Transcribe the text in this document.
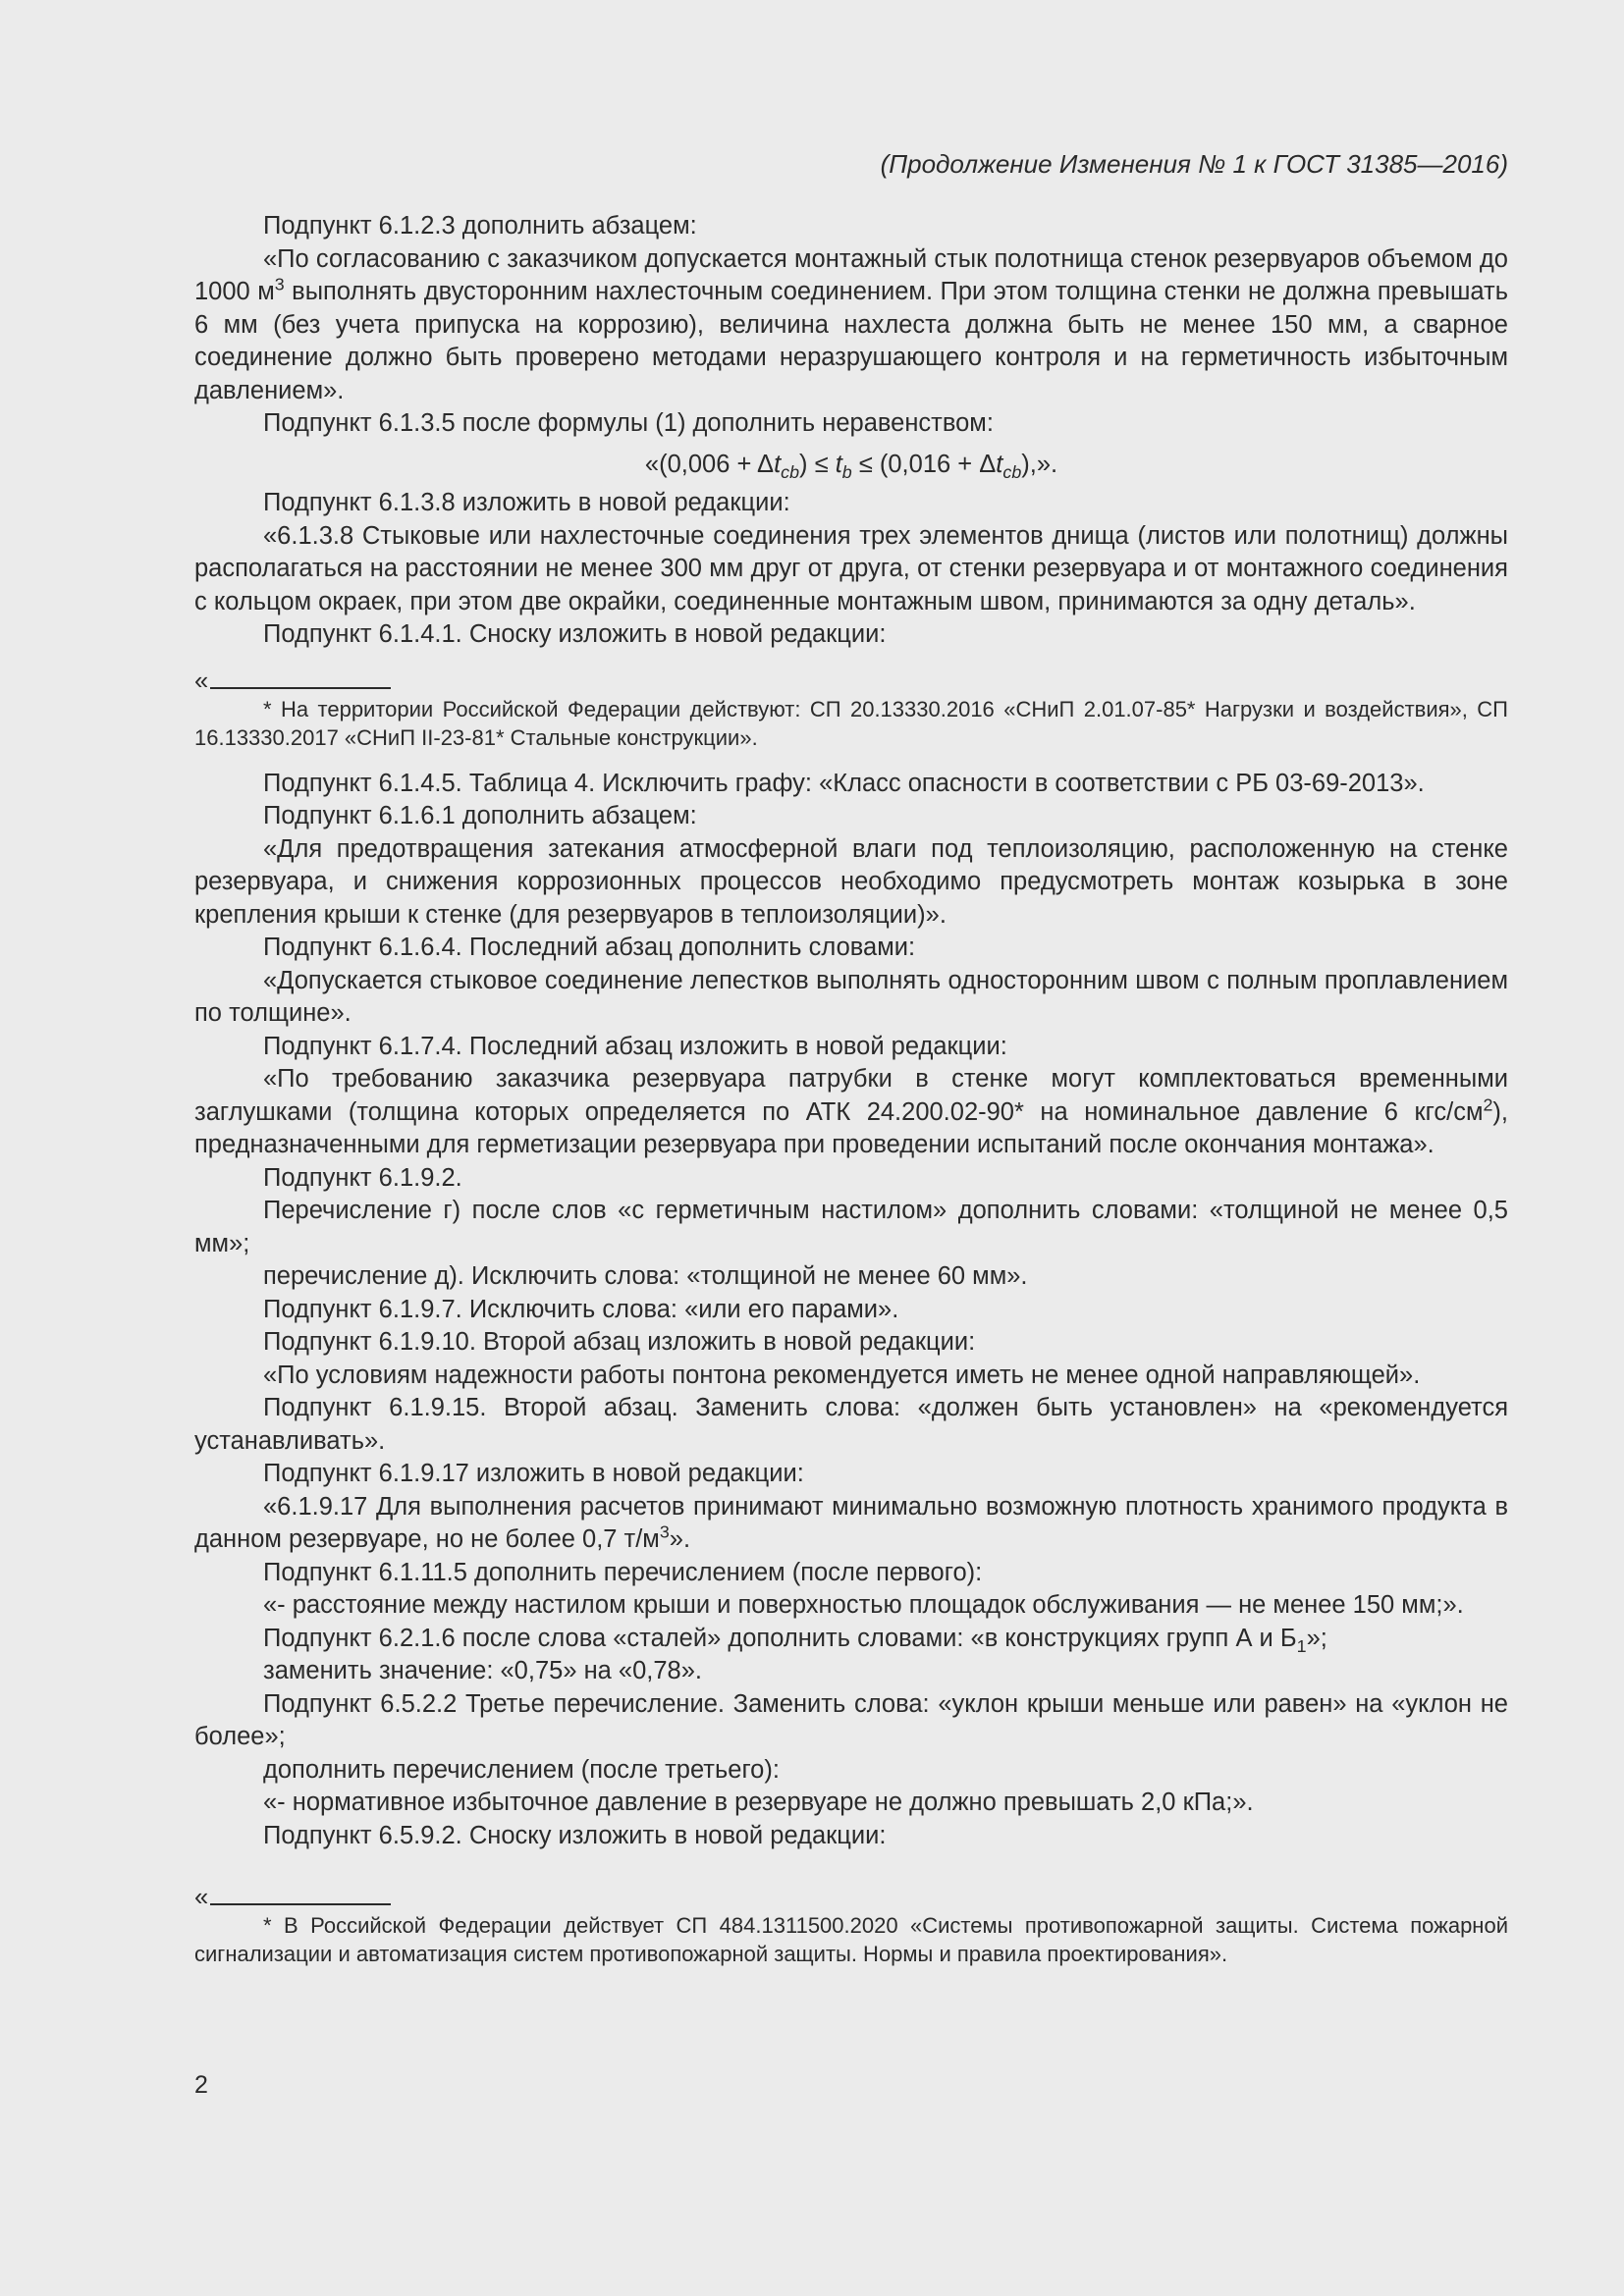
(Продолжение Изменения № 1 к ГОСТ 31385—2016)

Подпункт 6.1.2.3 дополнить абзацем:

«По согласованию с заказчиком допускается монтажный стык полотнища стенок резервуаров объемом до 1000 $м^3$ выполнять двусторонним нахлесточным соединением. При этом толщина стенки не должна превышать 6 мм (без учета припуска на коррозию), величина нахлеста должна быть не менее 150 мм, а сварное соединение должно быть проверено методами неразрушающего контроля и на герметичность избыточным давлением».

Подпункт 6.1.3.5 после формулы (1) дополнить неравенством:

«$(0,006 + \Delta t_{cb}) \le t_b \le (0,016 + \Delta t_{cb})$,».

Подпункт 6.1.3.8 изложить в новой редакции:

«6.1.3.8 Стыковые или нахлесточные соединения трех элементов днища (листов или полотнищ) должны располагаться на расстоянии не менее 300 мм друг от друга, от стенки резервуара и от монтажного соединения с кольцом окраек, при этом две окрайки, соединенные монтажным швом, принимаются за одну деталь».

Подпункт 6.1.4.1. Сноску изложить в новой редакции:

«

* На территории Российской Федерации действуют: СП 20.13330.2016 «СНиП 2.01.07-85* Нагрузки и воздействия», СП 16.13330.2017 «СНиП II-23-81* Стальные конструкции».

Подпункт 6.1.4.5. Таблица 4. Исключить графу: «Класс опасности в соответствии с РБ 03-69-2013».

Подпункт 6.1.6.1 дополнить абзацем:

«Для предотвращения затекания атмосферной влаги под теплоизоляцию, расположенную на стенке резервуара, и снижения коррозионных процессов необходимо предусмотреть монтаж козырька в зоне крепления крыши к стенке (для резервуаров в теплоизоляции)».

Подпункт 6.1.6.4. Последний абзац дополнить словами:

«Допускается стыковое соединение лепестков выполнять односторонним швом с полным проплавлением по толщине».

Подпункт 6.1.7.4. Последний абзац изложить в новой редакции:

«По требованию заказчика резервуара патрубки в стенке могут комплектоваться временными заглушками (толщина которых определяется по АТК 24.200.02-90* на номинальное давление 6 кгс/$см^2$), предназначенными для герметизации резервуара при проведении испытаний после окончания монтажа».

Подпункт 6.1.9.2.

Перечисление г) после слов «с герметичным настилом» дополнить словами: «толщиной не менее 0,5 мм»;

перечисление д). Исключить слова: «толщиной не менее 60 мм».

Подпункт 6.1.9.7. Исключить слова: «или его парами».

Подпункт 6.1.9.10. Второй абзац изложить в новой редакции:

«По условиям надежности работы понтона рекомендуется иметь не менее одной направляющей».

Подпункт 6.1.9.15. Второй абзац. Заменить слова: «должен быть установлен» на «рекомендуется устанавливать».

Подпункт 6.1.9.17 изложить в новой редакции:

«6.1.9.17 Для выполнения расчетов принимают минимально возможную плотность хранимого продукта в данном резервуаре, но не более 0,7 $т/м^3$».

Подпункт 6.1.11.5 дополнить перечислением (после первого):

«- расстояние между настилом крыши и поверхностью площадок обслуживания — не менее 150 мм;».

Подпункт 6.2.1.6 после слова «сталей» дополнить словами: «в конструкциях групп А и $Б_1$»;

заменить значение: «0,75» на «0,78».

Подпункт 6.5.2.2 Третье перечисление. Заменить слова: «уклон крыши меньше или равен» на «уклон не более»;

дополнить перечислением (после третьего):

«- нормативное избыточное давление в резервуаре не должно превышать 2,0 кПа;».

Подпункт 6.5.9.2. Сноску изложить в новой редакции:

«

* В Российской Федерации действует СП 484.1311500.2020 «Системы противопожарной защиты. Система пожарной сигнализации и автоматизация систем противопожарной защиты. Нормы и правила проектирования».

2
